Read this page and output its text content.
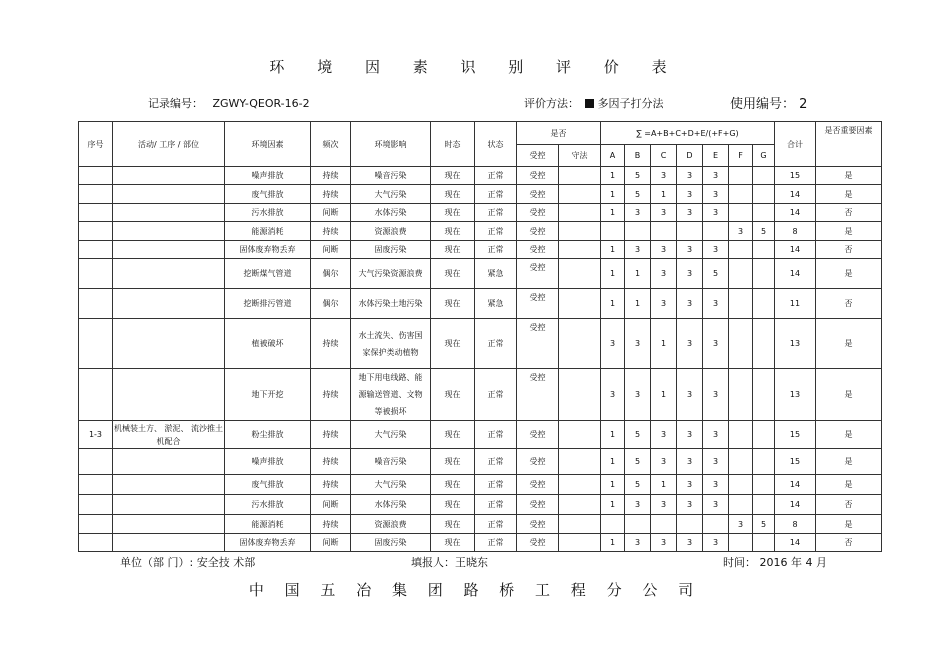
环 境 因 素 识 别 评 价 表
记录编号： ZGWY-QEOR-16-2	评价方法： 多因子打分法	使用编号： 2
序号	活动/ 工序 / 部位	环境因素	频次	环境影响	时态	状态	是否		∑ =A+B+C+D+E/(+F+G)							合计	是否重要因素
							受控	守法	A	B	C	D	E	F	G		
		噪声排放	持续	噪音污染	现在	正常	受控		1	5	3	3	3			15	是
		废气排放	持续	大气污染	现在	正常	受控		1	5	1	3	3			14	是
		污水排放	间断	水体污染	现在	正常	受控		1	3	3	3	3			14	否
		能源消耗	持续	资源浪费	现在	正常	受控							3	5	8	是
		固体废弃物丢弃	间断	固废污染	现在	正常	受控		1	3	3	3	3			14	否
		挖断煤气管道	偶尔	大气污染资源浪费	现在	紧急	受控		1	1	3	3	5			14	是
		挖断排污管道	偶尔	水体污染土地污染	现在	紧急	受控		1	1	3	3	3			11	否
		植被破坏	持续	水土流失、伤害国家保护类动植物	现在	正常	受控		3	3	1	3	3			13	是
		地下开挖	持续	地下用电线路、能源输送管道、文物等被损坏	现在	正常	受控		3	3	1	3	3			13	是
1-3	机械装土方、 淤泥、 流沙推土机配合	粉尘排放	持续	大气污染	现在	正常	受控		1	5	3	3	3			15	是
		噪声排放	持续	噪音污染	现在	正常	受控		1	5	3	3	3			15	是
		废气排放	持续	大气污染	现在	正常	受控		1	5	1	3	3			14	是
		污水排放	间断	水体污染	现在	正常	受控		1	3	3	3	3			14	否
		能源消耗	持续	资源浪费	现在	正常	受控							3	5	8	是
		固体废弃物丢弃	间断	固废污染	现在	正常	受控		1	3	3	3	3			14	否
单位（部 门）: 安全技 术部	填报人：王晓东	时间： 2016 年 4 月
中 国 五 冶 集 团 路 桥 工 程 分 公 司
